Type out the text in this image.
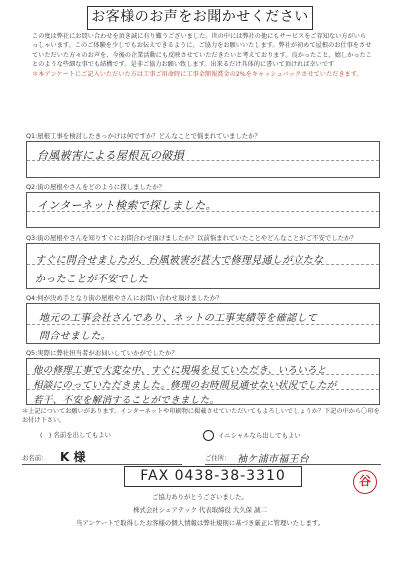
お客様のお声をお聞かせください
この度は弊社にお問い合わせを頂き誠に有り難うございました。世の中には弊社の他にもサービスをご存知ない方がいらっしゃいます。このご体験を少しでもお伝えできるように、ご協力をお願いいたします。弊社が初めて屋根のお仕事をさせていただいた方々のお声を、今後の企業活動にも反映させていただきたいと考えております。良かったこと、嬉しかったことのような些細な事でも結構です。是非ご協力お願い致します。出来るだけ具体的に書いて頂ければ幸いです
＊本アンケートにご記入いただいた方は工事ご用命時に工事金額報賞金の2%をキャッシュバックさせていただきます。
Q1:屋根工事を検討したきっかけは何ですか？どんなことで悩まれていましたか？
台風被害による屋根瓦の破損
Q2:街の屋根やさんをどのように探しましたか？
インターネット検索で探しました。
Q3:街の屋根やさんを知りすぐにお問合わせ頂けましたか？以前悩まれていたことやどんなことがご不安でしたか？
すぐに問合せましたが、台風被害が甚大で修理見通しが立たな
かったことが不安でした
Q4:何が決め手となり街の屋根やさんにお問い合わせ頂けましたか？
地元の工事会社さんであり、ネットの工事実績等を確認して
問合せました。
Q5:実際に弊社担当者がお伺いしていかがでしたか？
他の修理工事で大変な中、すぐに現場を見ていただき、いろいろと
相談にのっていただきました。修理のお時間見通せない状況でしたが
若干、不安を解消することができました。
＊上記についてお願いがあります。インターネットや印刷物に掲載させていただいてもよろしいでしょうか？下記の中から〇印をお付け下さい。
(　) 名前を出してもよい	イニシャルなら出してもよい
お名前： K 様	ご住所： 袖ケ浦市福王台
FAX 0438-38-3310	谷
ご協力ありがとうございました。
株式会社シェアテック 代表取締役 大久保 誠二
当アンケートで取得したお客様の個人情報は弊社規則に基づき厳正に管理いたします。
